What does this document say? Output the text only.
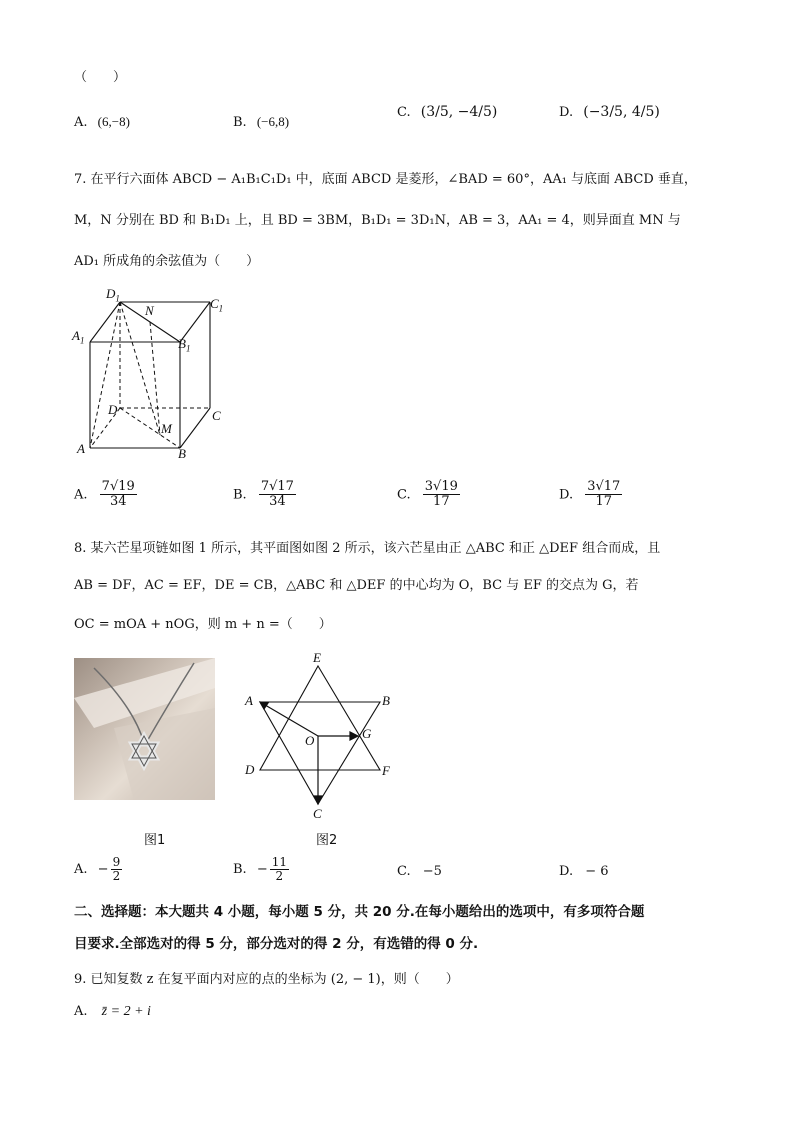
（　　）
A. (6,−8)	B. (−6,8)
C. (3/5, −4/5)	D. (−3/5, 4/5)
7. 在平行六面体 ABCD − A₁B₁C₁D₁ 中，底面 ABCD 是菱形，∠BAD = 60°，AA₁ 与底面 ABCD 垂直，
M，N 分别在 BD 和 B₁D₁ 上，且 BD = 3BM，B₁D₁ = 3D₁N，AB = 3，AA₁ = 4，则异面直 MN 与
AD₁ 所成角的余弦值为（　　）
$D_1$	$C_1$
N
$A_1$	$B_1$
D	C
M
A	B
A. $\frac{7√19}{34}$	B. $\frac{7√17}{34}$	C. $\frac{3√19}{17}$	D. $\frac{3√17}{17}$
8. 某六芒星项链如图 1 所示，其平面图如图 2 所示，该六芒星由正 △ABC 和正 △DEF 组合而成，且
AB = DF，AC = EF，DE = CB，△ABC 和 △DEF 的中心均为 O，BC 与 EF 的交点为 G，若
OC = mOA + nOG，则 m + n =（　　）
图1
E
A	B
O	G
D	F
C
图2
A. − $\frac{9}{2}$	B. − $\frac{11}{2}$	C. −5	D. − 6
二、选择题：本大题共 4 小题，每小题 5 分，共 20 分.在每小题给出的选项中，有多项符合题
目要求.全部选对的得 5 分，部分选对的得 2 分，有选错的得 0 分.
9. 已知复数 z 在复平面内对应的点的坐标为 (2, − 1)，则（　　）
A. z̄ = 2 + i
